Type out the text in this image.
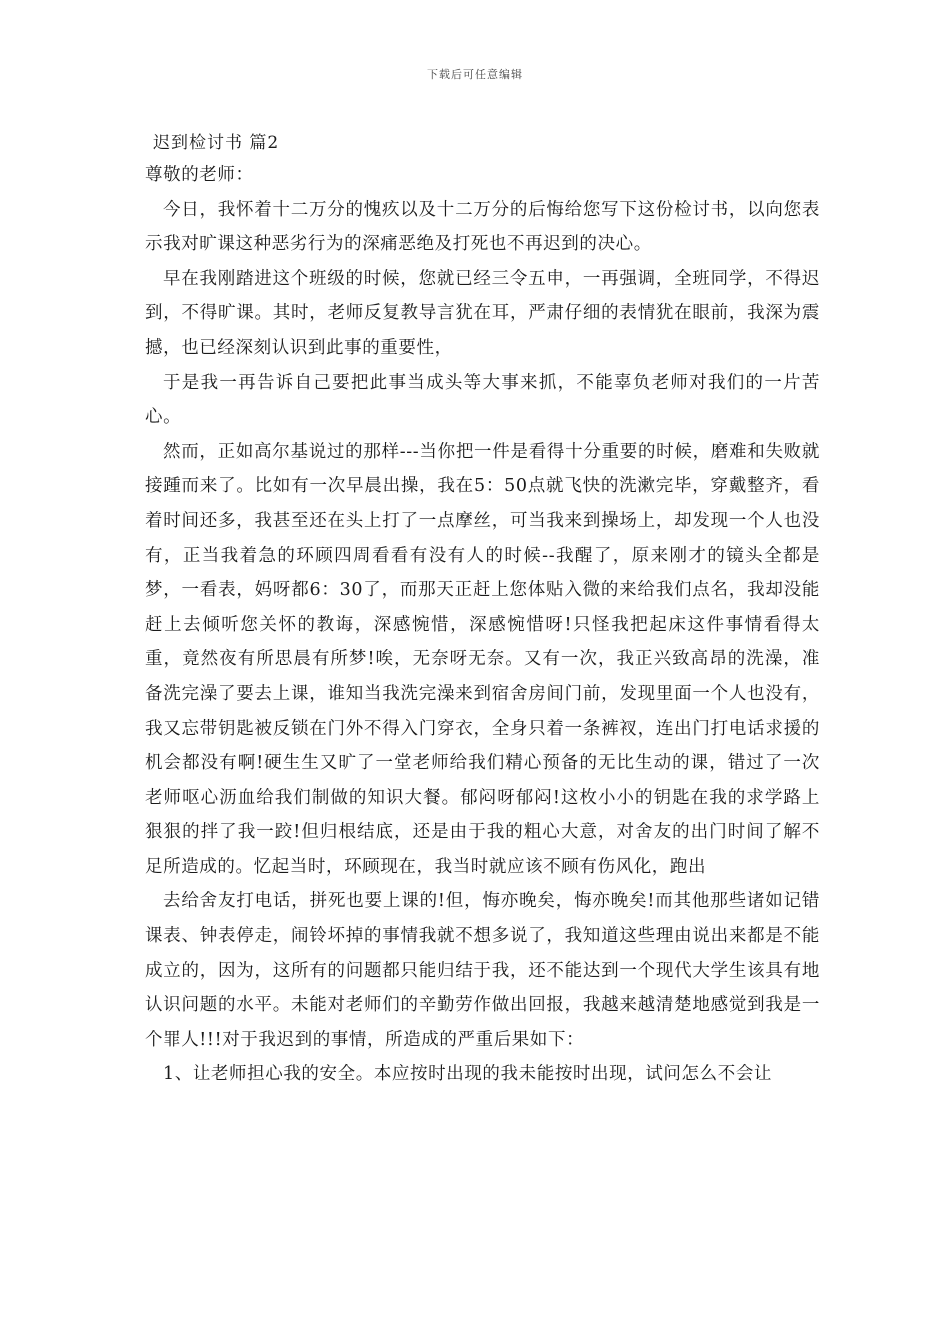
下载后可任意编辑
迟到检讨书 篇2

尊敬的老师：

今日，我怀着十二万分的愧疚以及十二万分的后悔给您写下这份检讨书，以向您表示我对旷课这种恶劣行为的深痛恶绝及打死也不再迟到的决心。

早在我刚踏进这个班级的时候，您就已经三令五申，一再强调，全班同学，不得迟到，不得旷课。其时，老师反复教导言犹在耳，严肃仔细的表情犹在眼前，我深为震撼，也已经深刻认识到此事的重要性，

于是我一再告诉自己要把此事当成头等大事来抓，不能辜负老师对我们的一片苦心。

然而，正如高尔基说过的那样---当你把一件是看得十分重要的时候，磨难和失败就接踵而来了。比如有一次早晨出操，我在5：50点就飞快的洗漱完毕，穿戴整齐，看着时间还多，我甚至还在头上打了一点摩丝，可当我来到操场上，却发现一个人也没有，正当我着急的环顾四周看看有没有人的时候--我醒了，原来刚才的镜头全都是梦，一看表，妈呀都6：30了，而那天正赶上您体贴入微的来给我们点名，我却没能赶上去倾听您关怀的教诲，深感惋惜，深感惋惜呀!只怪我把起床这件事情看得太重，竟然夜有所思晨有所梦!唉，无奈呀无奈。又有一次，我正兴致高昂的洗澡，准备洗完澡了要去上课，谁知当我洗完澡来到宿舍房间门前，发现里面一个人也没有，我又忘带钥匙被反锁在门外不得入门穿衣，全身只着一条裤衩，连出门打电话求援的机会都没有啊!硬生生又旷了一堂老师给我们精心预备的无比生动的课，错过了一次老师呕心沥血给我们制做的知识大餐。郁闷呀郁闷!这枚小小的钥匙在我的求学路上狠狠的拌了我一跤!但归根结底，还是由于我的粗心大意，对舍友的出门时间了解不足所造成的。忆起当时，环顾现在，我当时就应该不顾有伤风化，跑出

去给舍友打电话，拼死也要上课的!但，悔亦晚矣，悔亦晚矣!而其他那些诸如记错课表、钟表停走，闹铃坏掉的事情我就不想多说了，我知道这些理由说出来都是不能成立的，因为，这所有的问题都只能归结于我，还不能达到一个现代大学生该具有地认识问题的水平。未能对老师们的辛勤劳作做出回报，我越来越清楚地感觉到我是一个罪人!!!对于我迟到的事情，所造成的严重后果如下：

1、让老师担心我的安全。本应按时出现的我未能按时出现，试问怎么不会让
